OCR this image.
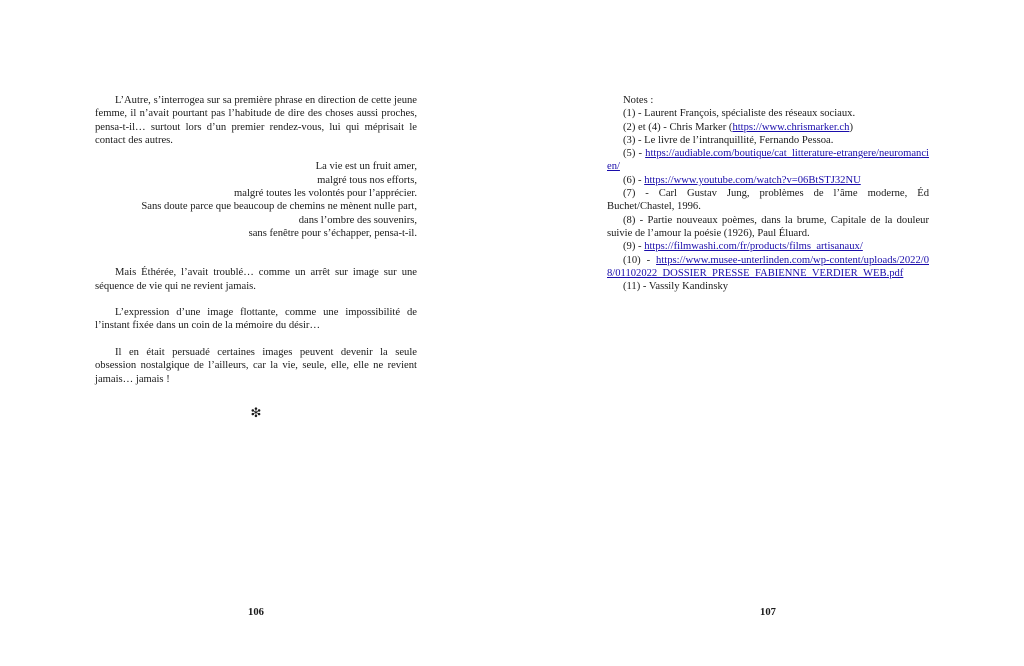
L’Autre, s’interrogea sur sa première phrase en direction de cette jeune femme, il n’avait pourtant pas l’habitude de dire des choses aussi proches, pensa-t-il… surtout lors d’un premier rendez-vous, lui qui méprisait le contact des autres.

La vie est un fruit amer,
malgré tous nos efforts,
malgré toutes les volontés pour l’apprécier.
Sans doute parce que beaucoup de chemins ne mènent nulle part,
dans l’ombre des souvenirs,
sans fenêtre pour s’échapper, pensa-t-il.

Mais Éthérée, l’avait troublé… comme un arrêt sur image sur une séquence de vie qui ne revient jamais.

L’expression d’une image flottante, comme une impossibilité de l’instant fixée dans un coin de la mémoire du désir…

Il en était persuadé certaines images peuvent devenir la seule obsession nostalgique de l’ailleurs, car la vie, seule, elle, elle ne revient jamais… jamais !

❇
106
Notes :
(1) - Laurent François, spécialiste des réseaux sociaux.
(2) et (4) - Chris Marker (https://www.chrismarker.ch)
(3) - Le livre de l’intranquillité, Fernando Pessoa.
(5) - https://audiable.com/boutique/cat_litterature-etrangere/neuromancien/
(6) - https://www.youtube.com/watch?v=06BtSTJ32NU
(7) - Carl Gustav Jung, problèmes de l’âme moderne, Éd Buchet/Chastel, 1996.
(8) - Partie nouveaux poèmes, dans la brume, Capitale de la douleur suivie de l’amour la poésie (1926), Paul Éluard.
(9) - https://filmwashi.com/fr/products/films_artisanaux/
(10) - https://www.musee-unterlinden.com/wp-content/uploads/2022/08/01102022_DOSSIER_PRESSE_FABIENNE_VERDIER_WEB.pdf
(11) - Vassily Kandinsky
107
